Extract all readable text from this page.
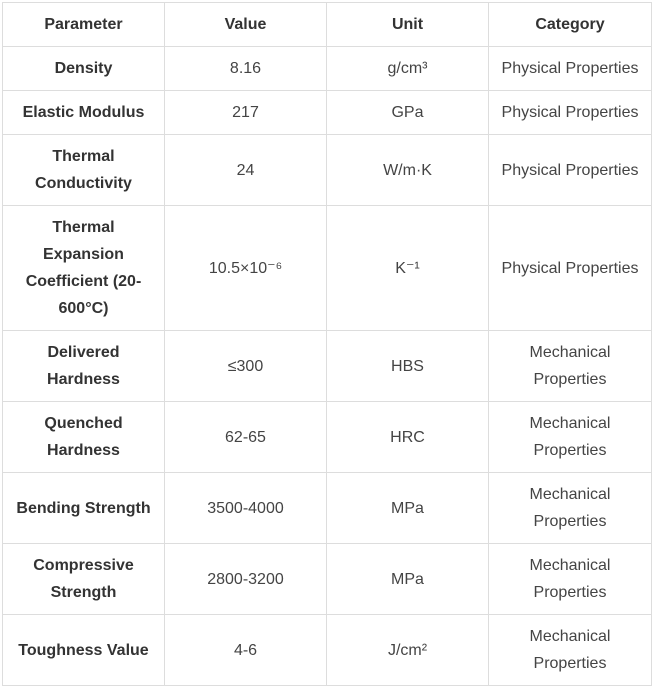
Parameter	Value	Unit	Category
Density	8.16	g/cm³	Physical Properties
Elastic Modulus	217	GPa	Physical Properties
Thermal Conductivity	24	W/m·K	Physical Properties
Thermal Expansion Coefficient (20-600°C)	10.5×10⁻⁶	K⁻¹	Physical Properties
Delivered Hardness	≤300	HBS	Mechanical Properties
Quenched Hardness	62-65	HRC	Mechanical Properties
Bending Strength	3500-4000	MPa	Mechanical Properties
Compressive Strength	2800-3200	MPa	Mechanical Properties
Toughness Value	4-6	J/cm²	Mechanical Properties
